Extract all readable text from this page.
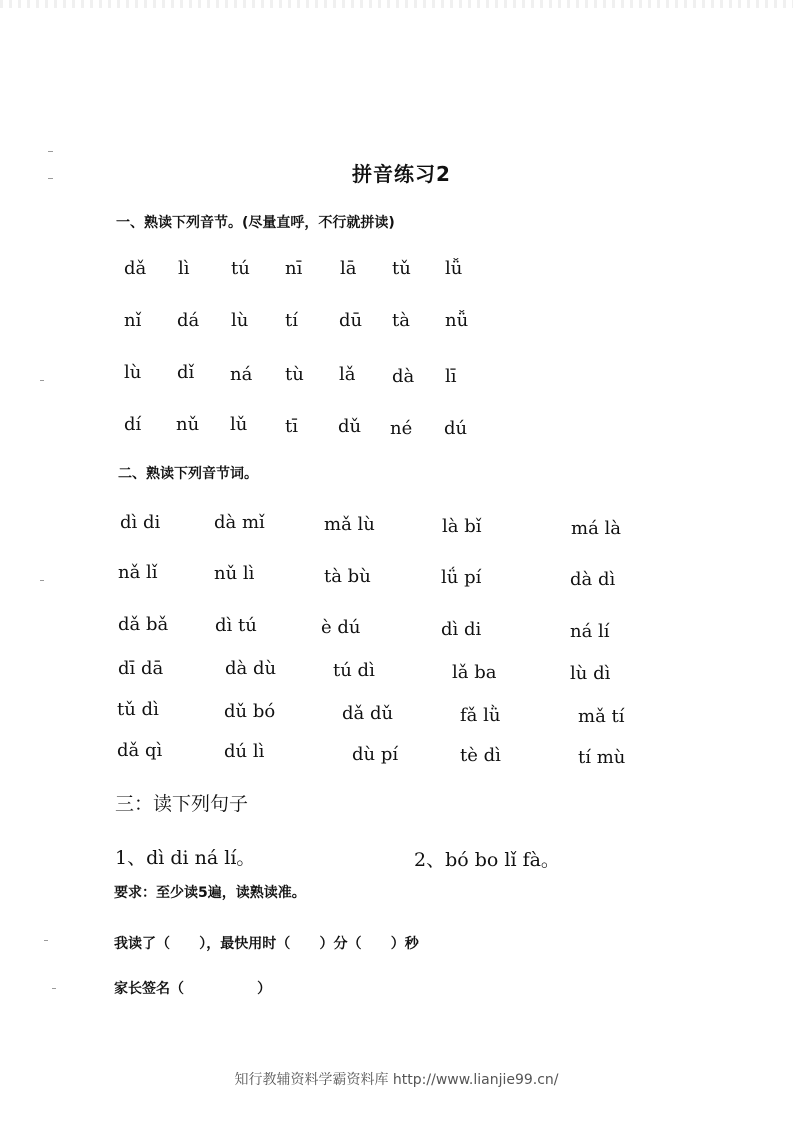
拼音练习2
一、熟读下列音节。(尽量直呼，不行就拼读)
dǎ lì tú nī lā tǔ lǚ
nǐ dá lù tí dū tà nǚ
lù dǐ ná tù lǎ dà lī
dí nǔ lǔ tī dǔ né dú
二、熟读下列音节词。
dì di	dà mǐ	mǎ lù	là bǐ	má là
nǎ lǐ	nǔ lì	tà bù	lǘ pí	dà dì
dǎ bǎ	dì tú	è dú	dì di	ná lí
dī dā	dà dù	tú dì	lǎ ba	lù dì
tǔ dì	dǔ bó	dǎ dǔ	fǎ lǜ	mǎ tí
dǎ qì	dú lì	dù pí	tè dì	tí mù
三：读下列句子
1、dì di ná lí。	2、bó bo lǐ fà。
要求：至少读5遍，读熟读准。
我读了（      ），最快用时（      ）分（      ）秒
家长签名（               ）
知行教辅资料学霸资料库 http://www.lianjie99.cn/
